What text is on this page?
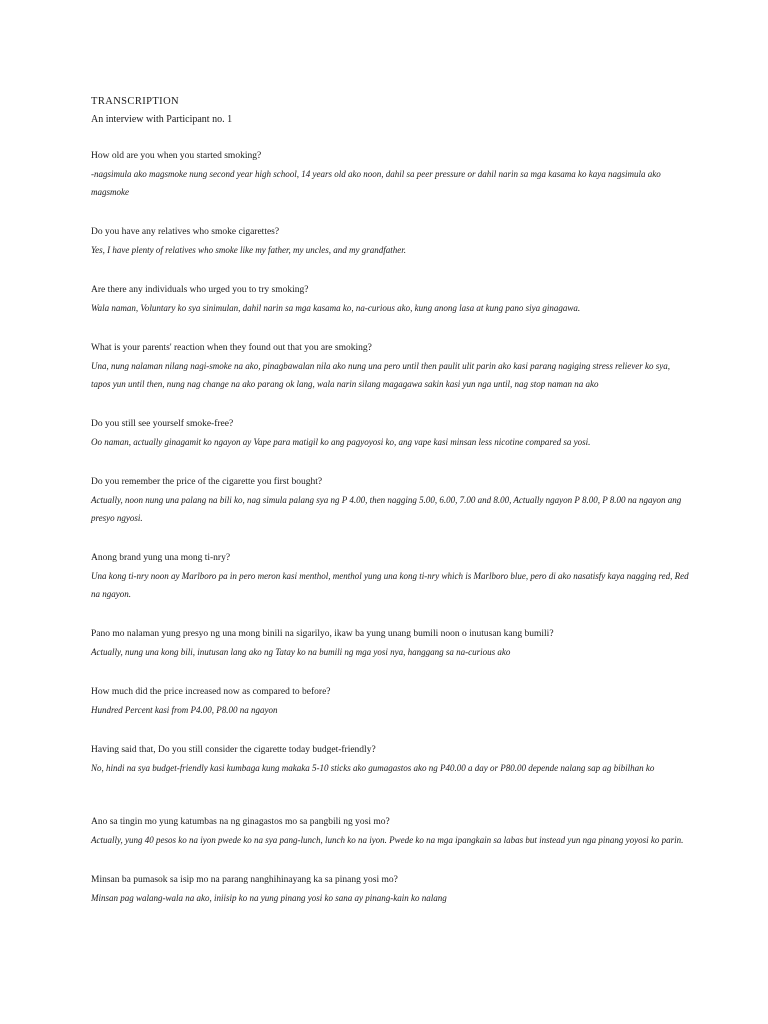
TRANSCRIPTION

An interview with Participant no. 1

How old are you when you started smoking?

-nagsimula ako magsmoke nung second year high school, 14 years old ako noon, dahil sa peer pressure or dahil narin sa mga kasama ko kaya nagsimula ako magsmoke

Do you have any relatives who smoke cigarettes?

Yes, I have plenty of relatives who smoke like my father, my uncles, and my grandfather.

Are there any individuals who urged you to try smoking?

Wala naman, Voluntary ko sya sinimulan, dahil narin sa mga kasama ko, na-curious ako, kung anong lasa at kung pano siya ginagawa.

What is your parents' reaction when they found out that you are smoking?

Una, nung nalaman nilang nagi-smoke na ako, pinagbawalan nila ako nung una pero until then paulit ulit parin ako kasi parang nagiging stress reliever ko sya, tapos yun until then, nung nag change na ako parang ok lang, wala narin silang magagawa sakin kasi yun nga until, nag stop naman na ako

Do you still see yourself smoke-free?

Oo naman, actually ginagamit ko ngayon ay Vape para matigil ko ang pagyoyosi ko, ang vape kasi minsan less nicotine compared sa yosi.

Do you remember the price of the cigarette you first bought?

Actually, noon nung una palang na bili ko, nag simula palang sya ng P 4.00, then nagging 5.00, 6.00, 7.00 and 8.00, Actually ngayon P 8.00, P 8.00 na ngayon ang presyo ngyosi.

Anong brand yung una mong ti-nry?

Una kong ti-nry noon ay Marlboro pa in pero meron kasi menthol, menthol yung una kong ti-nry which is Marlboro blue, pero di ako nasatisfy kaya nagging red, Red na ngayon.

Pano mo nalaman yung presyo ng una mong binili na sigarilyo, ikaw ba yung unang bumili noon o inutusan kang bumili?

Actually, nung una kong bili, inutusan lang ako ng Tatay ko na bumili ng mga yosi nya, hanggang sa na-curious ako

How much did the price increased now as compared to before?

Hundred Percent kasi from P4.00, P8.00 na ngayon

Having said that, Do you still consider the cigarette today budget-friendly?

No, hindi na sya budget-friendly kasi kumbaga kung makaka 5-10 sticks ako gumagastos ako ng P40.00 a day or P80.00 depende nalang sap ag bibilhan ko

Ano sa tingin mo yung katumbas na ng ginagastos mo sa pangbili ng yosi mo?

Actually, yung 40 pesos ko na iyon pwede ko na sya pang-lunch, lunch ko na iyon. Pwede ko na mga ipangkain sa labas but instead yun nga pinang yoyosi ko parin.

Minsan ba pumasok sa isip mo na parang nanghihinayang ka sa pinang yosi mo?

Minsan pag walang-wala na ako, iniisip ko na yung pinang yosi ko sana ay pinang-kain ko nalang
